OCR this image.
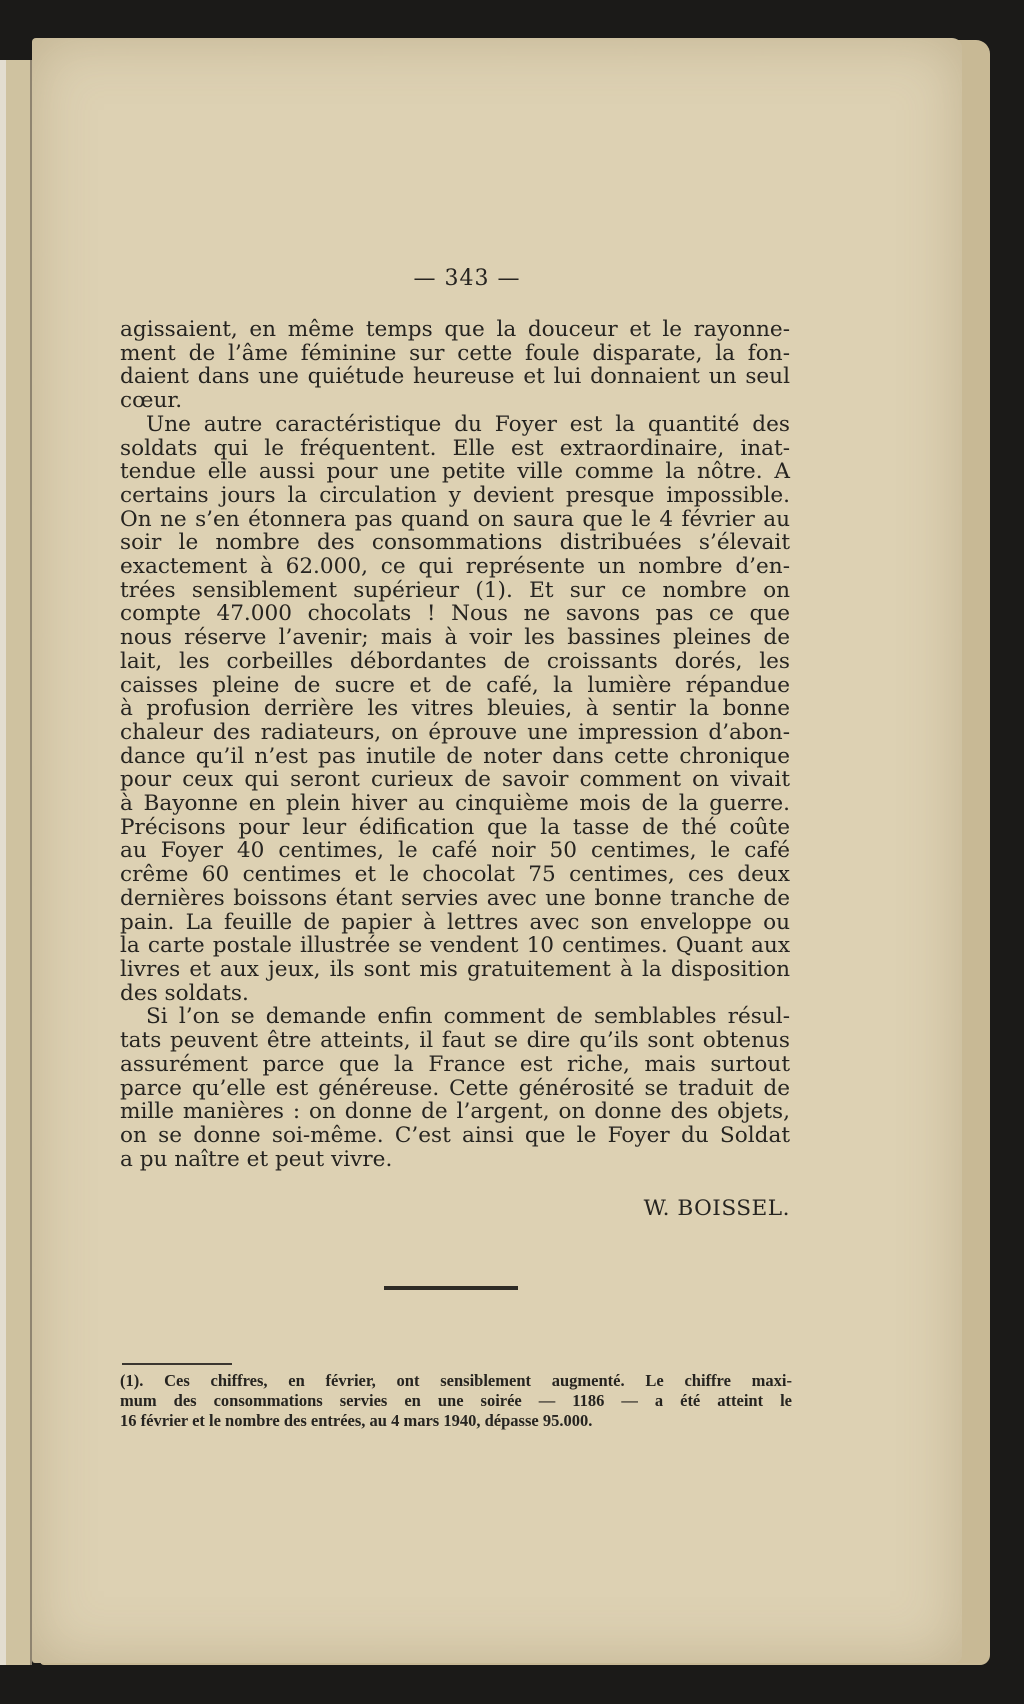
— 343 —
agissaient, en même temps que la douceur et le rayonne-
ment de l’âme féminine sur cette foule disparate, la fon-
daient dans une quiétude heureuse et lui donnaient un seul
cœur.
Une autre caractéristique du Foyer est la quantité des
soldats qui le fréquentent. Elle est extraordinaire, inat-
tendue elle aussi pour une petite ville comme la nôtre. A
certains jours la circulation y devient presque impossible.
On ne s’en étonnera pas quand on saura que le 4 février au
soir le nombre des consommations distribuées s’élevait
exactement à 62.000, ce qui représente un nombre d’en-
trées sensiblement supérieur (1). Et sur ce nombre on
compte 47.000 chocolats ! Nous ne savons pas ce que
nous réserve l’avenir; mais à voir les bassines pleines de
lait, les corbeilles débordantes de croissants dorés, les
caisses pleine de sucre et de café, la lumière répandue
à profusion derrière les vitres bleuies, à sentir la bonne
chaleur des radiateurs, on éprouve une impression d’abon-
dance qu’il n’est pas inutile de noter dans cette chronique
pour ceux qui seront curieux de savoir comment on vivait
à Bayonne en plein hiver au cinquième mois de la guerre.
Précisons pour leur édification que la tasse de thé coûte
au Foyer 40 centimes, le café noir 50 centimes, le café
crême 60 centimes et le chocolat 75 centimes, ces deux
dernières boissons étant servies avec une bonne tranche de
pain. La feuille de papier à lettres avec son enveloppe ou
la carte postale illustrée se vendent 10 centimes. Quant aux
livres et aux jeux, ils sont mis gratuitement à la disposition
des soldats.
Si l’on se demande enfin comment de semblables résul-
tats peuvent être atteints, il faut se dire qu’ils sont obtenus
assurément parce que la France est riche, mais surtout
parce qu’elle est généreuse. Cette générosité se traduit de
mille manières : on donne de l’argent, on donne des objets,
on se donne soi-même. C’est ainsi que le Foyer du Soldat
a pu naître et peut vivre.
W. BOISSEL.
(1). Ces chiffres, en février, ont sensiblement augmenté. Le chiffre maxi-
mum des consommations servies en une soirée — 1186 — a été atteint le
16 février et le nombre des entrées, au 4 mars 1940, dépasse 95.000.
